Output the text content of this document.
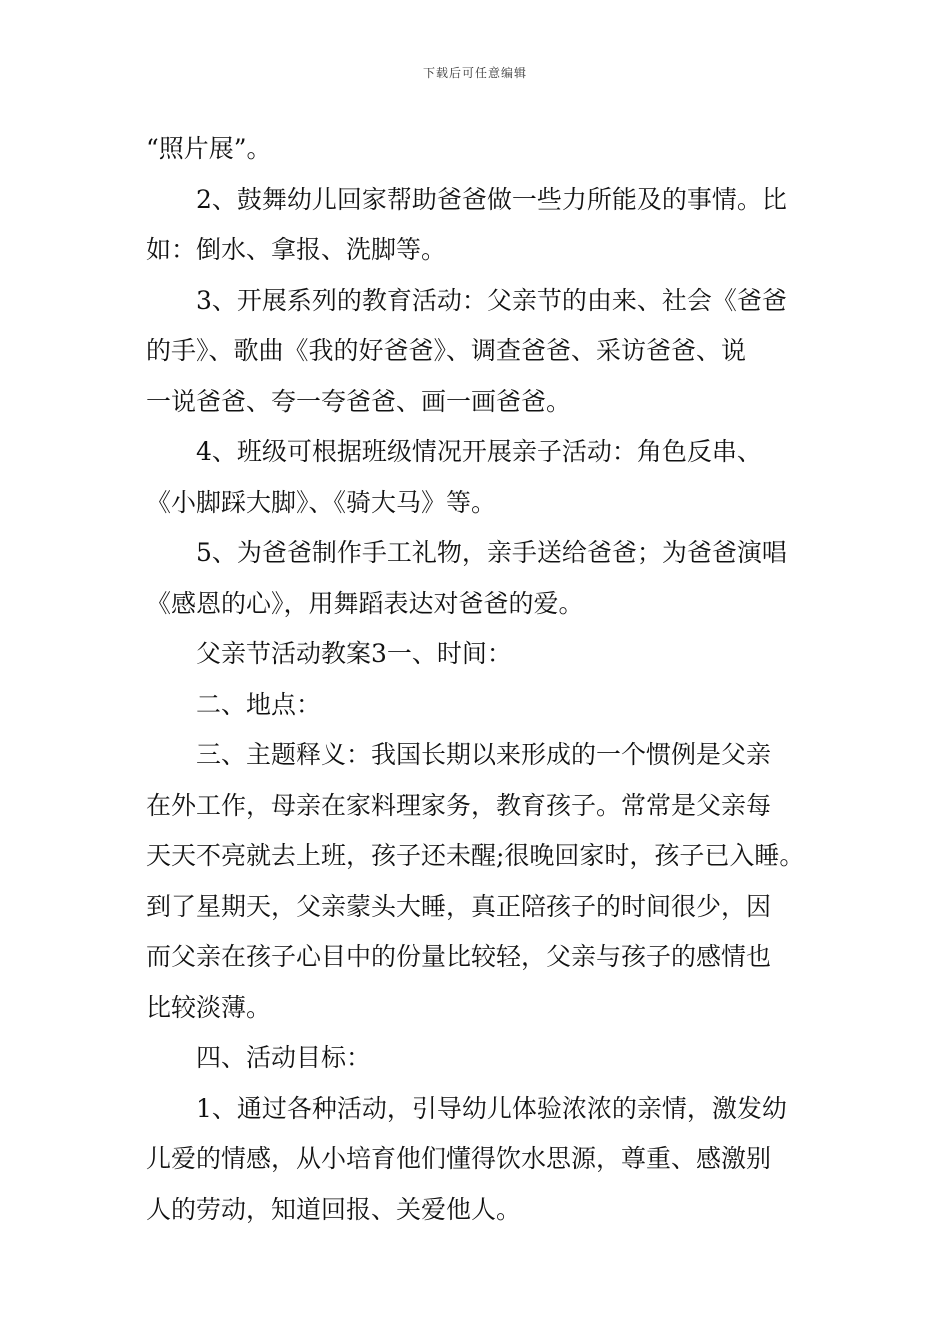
下载后可任意编辑
“照片展”。
2、鼓舞幼儿回家帮助爸爸做一些力所能及的事情。比
如：倒水、拿报、洗脚等。
3、开展系列的教育活动：父亲节的由来、社会《爸爸
的手》、歌曲《我的好爸爸》、调查爸爸、采访爸爸、说
一说爸爸、夸一夸爸爸、画一画爸爸。
4、班级可根据班级情况开展亲子活动：角色反串、
《小脚踩大脚》、《骑大马》等。
5、为爸爸制作手工礼物，亲手送给爸爸；为爸爸演唱
《感恩的心》，用舞蹈表达对爸爸的爱。
父亲节活动教案3一、时间：
二、地点：
三、主题释义：我国长期以来形成的一个惯例是父亲
在外工作，母亲在家料理家务，教育孩子。常常是父亲每
天天不亮就去上班，孩子还未醒;很晚回家时，孩子已入睡。
到了星期天，父亲蒙头大睡，真正陪孩子的时间很少，因
而父亲在孩子心目中的份量比较轻，父亲与孩子的感情也
比较淡薄。
四、活动目标：
1、通过各种活动，引导幼儿体验浓浓的亲情，激发幼
儿爱的情感，从小培育他们懂得饮水思源，尊重、感激别
人的劳动，知道回报、关爱他人。
